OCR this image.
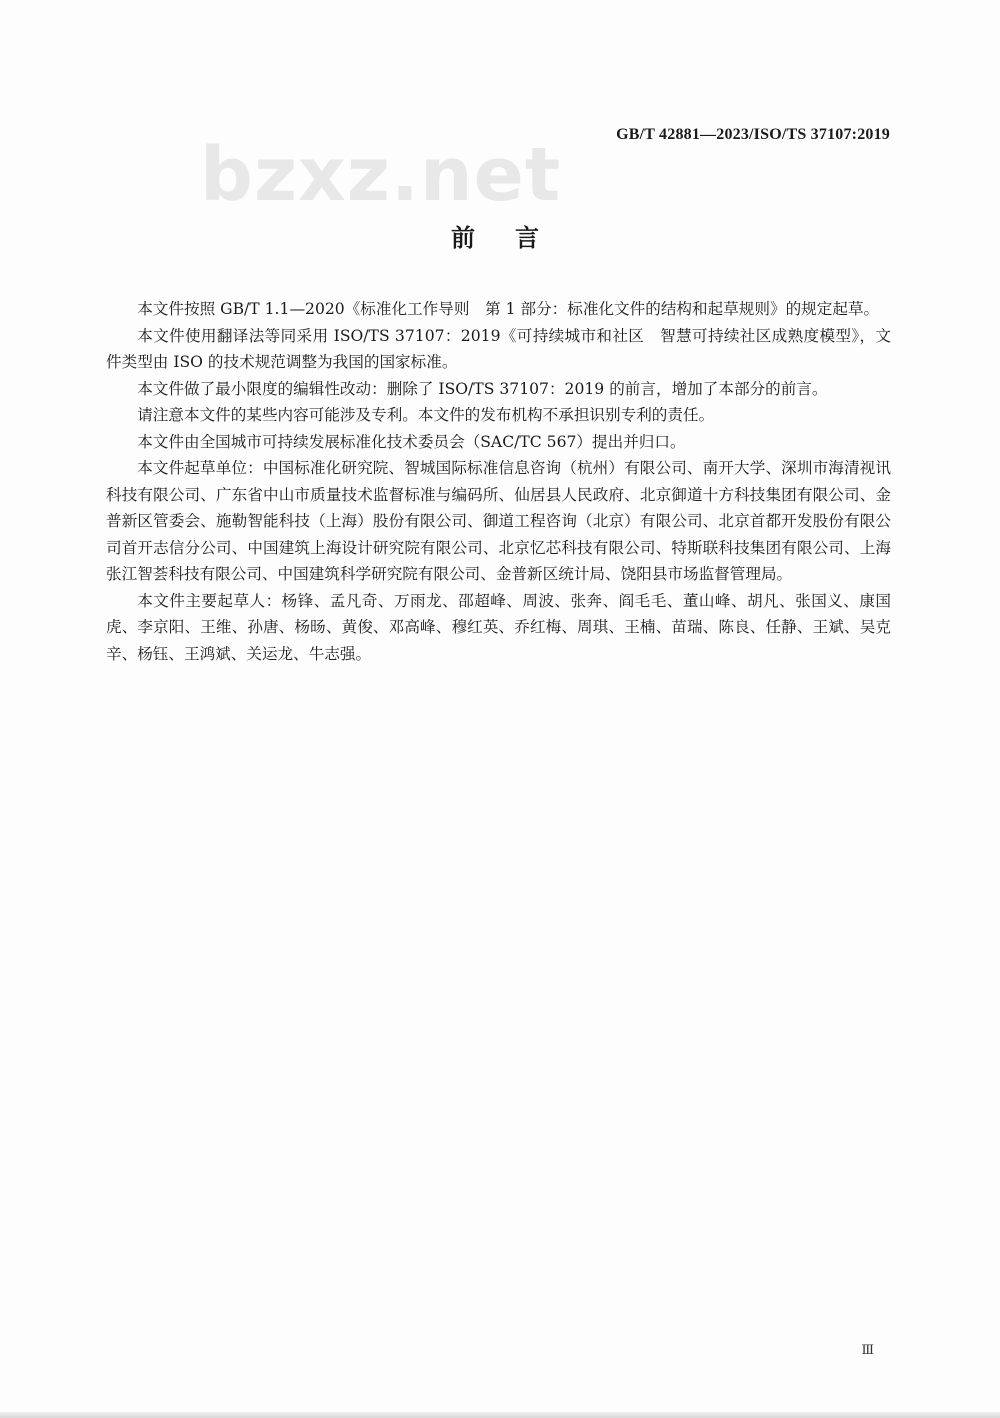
bzxz.net	GB/T 42881—2023/ISO/TS 37107:2019
前言

本文件按照 GB/T 1.1—2020《标准化工作导则　第 1 部分：标准化文件的结构和起草规则》的规定起草。

本文件使用翻译法等同采用 ISO/TS 37107：2019《可持续城市和社区　智慧可持续社区成熟度模型》，文件类型由 ISO 的技术规范调整为我国的国家标准。

本文件做了最小限度的编辑性改动：删除了 ISO/TS 37107：2019 的前言，增加了本部分的前言。

请注意本文件的某些内容可能涉及专利。本文件的发布机构不承担识别专利的责任。

本文件由全国城市可持续发展标准化技术委员会（SAC/TC 567）提出并归口。

本文件起草单位：中国标准化研究院、智城国际标准信息咨询（杭州）有限公司、南开大学、深圳市海清视讯科技有限公司、广东省中山市质量技术监督标准与编码所、仙居县人民政府、北京御道十方科技集团有限公司、金普新区管委会、施勒智能科技（上海）股份有限公司、御道工程咨询（北京）有限公司、北京首都开发股份有限公司首开志信分公司、中国建筑上海设计研究院有限公司、北京忆芯科技有限公司、特斯联科技集团有限公司、上海张江智荟科技有限公司、中国建筑科学研究院有限公司、金普新区统计局、饶阳县市场监督管理局。

本文件主要起草人：杨锋、孟凡奇、万雨龙、邵超峰、周波、张奔、阎毛毛、董山峰、胡凡、张国义、康国虎、李京阳、王维、孙唐、杨旸、黄俊、邓高峰、穆红英、乔红梅、周琪、王楠、苗瑞、陈良、任静、王斌、吴克辛、杨钰、王鸿斌、关运龙、牛志强。

Ⅲ
